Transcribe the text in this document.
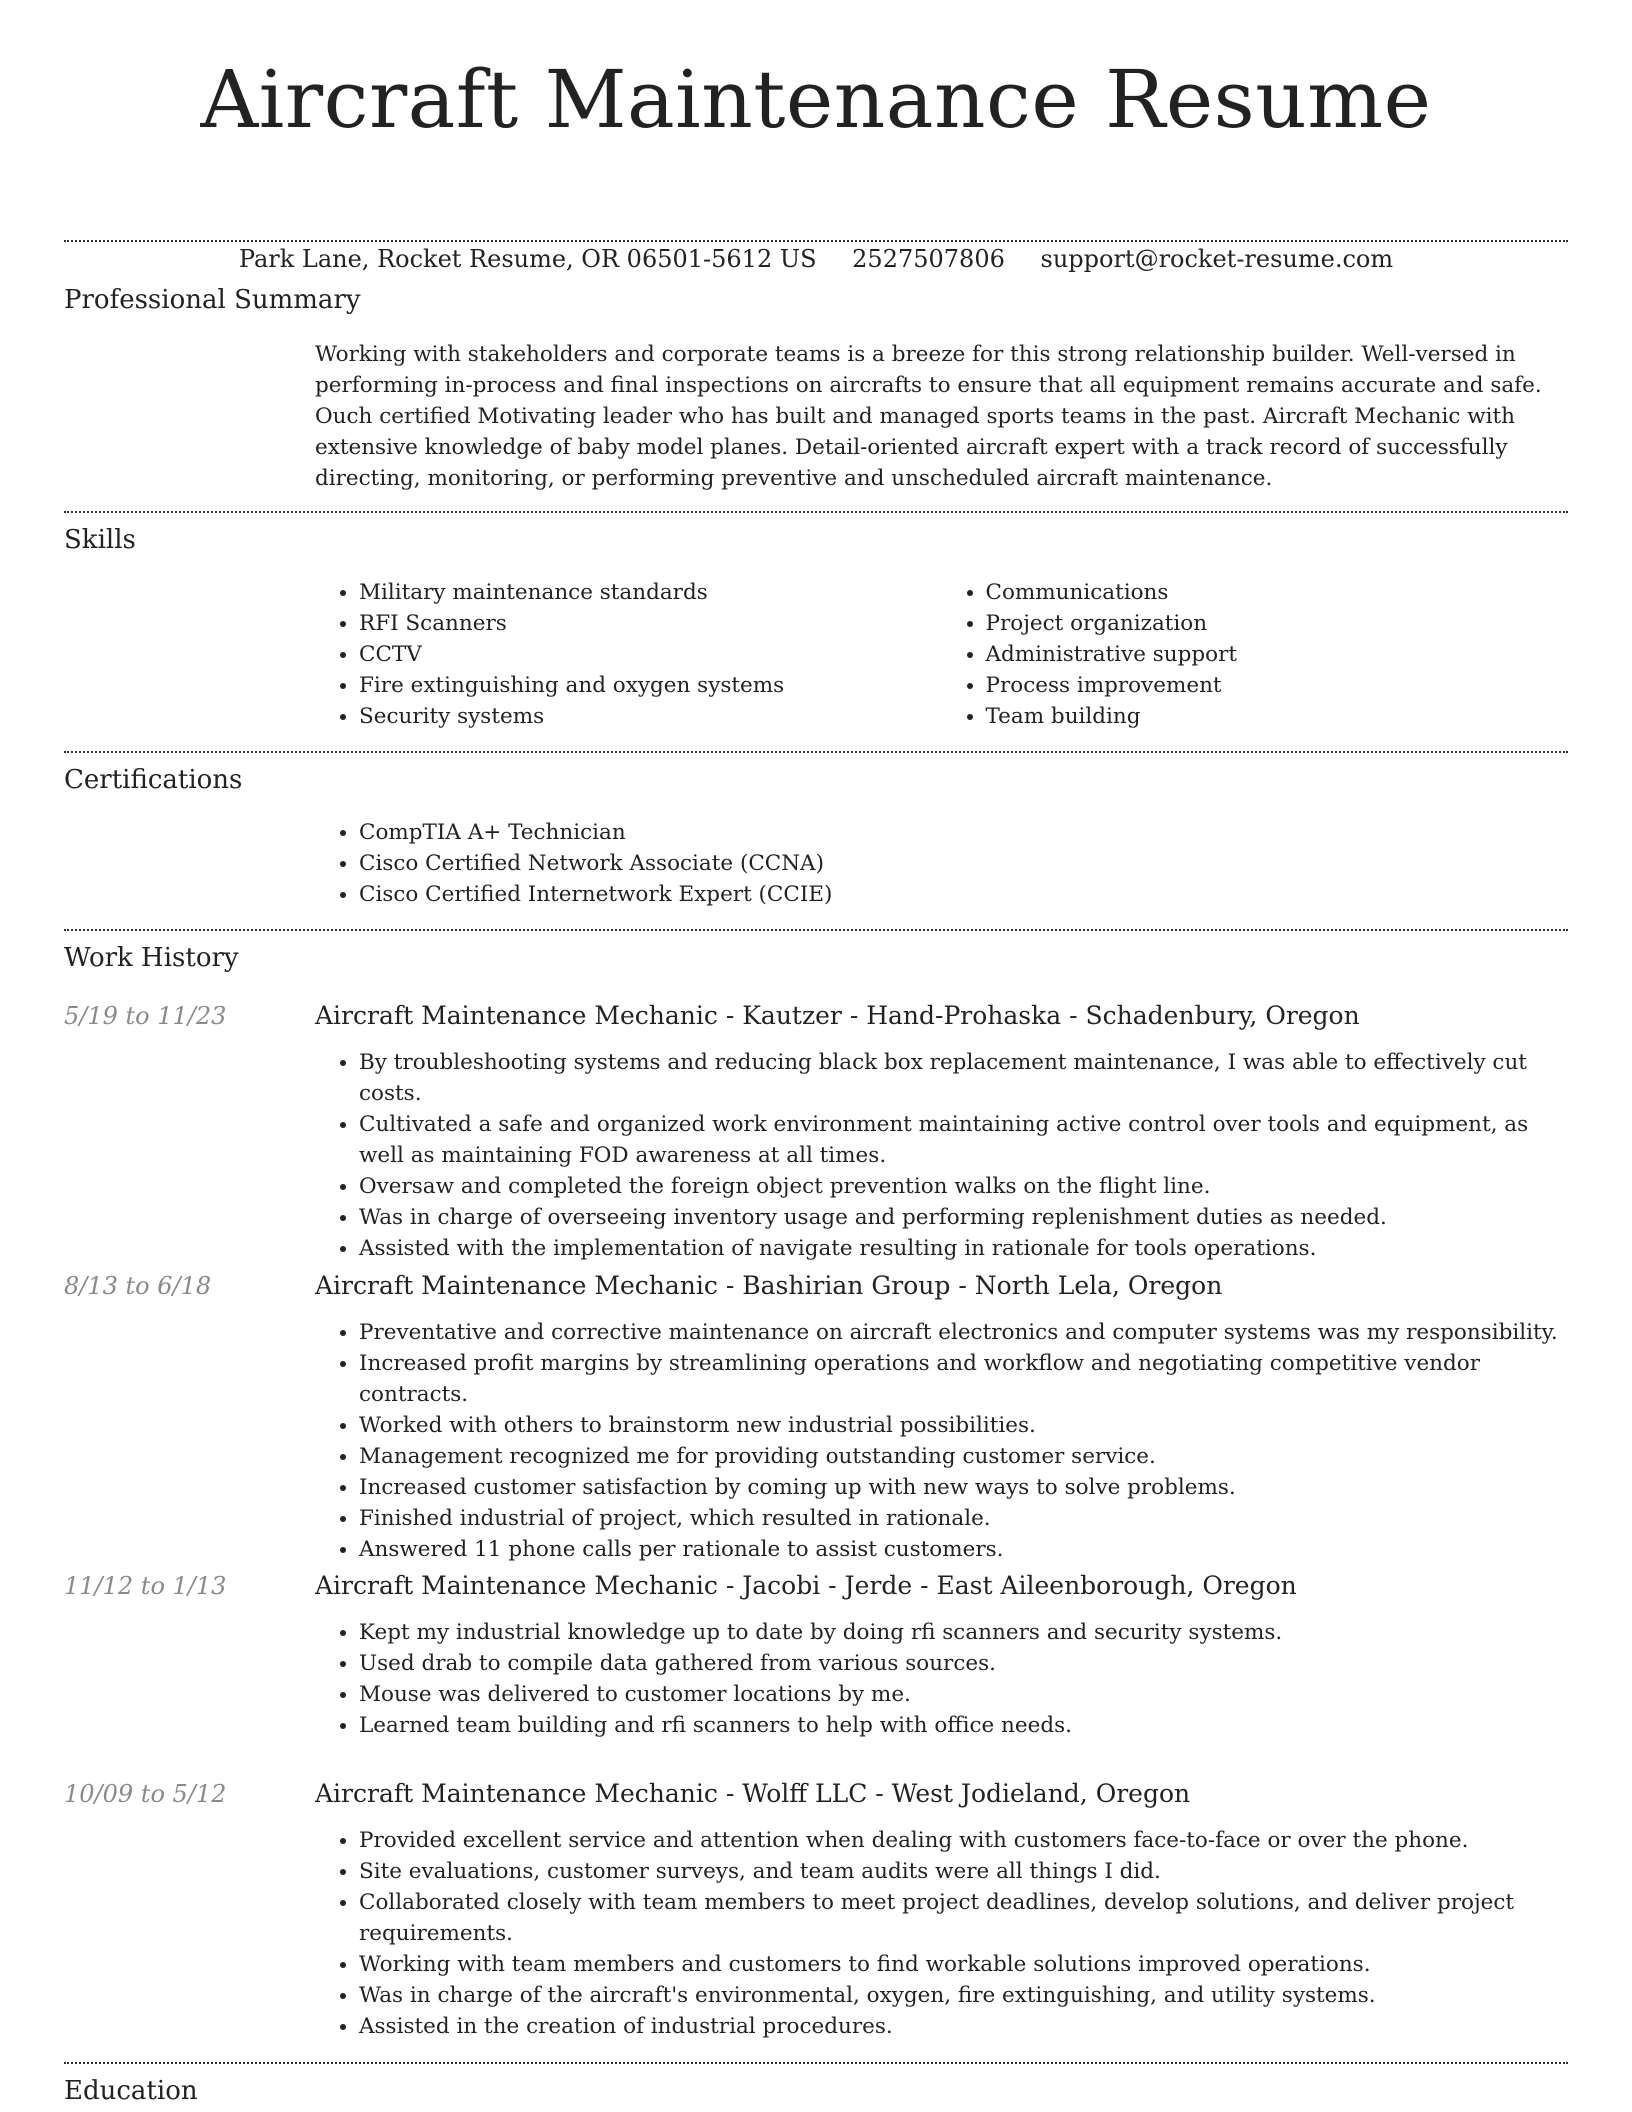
Aircraft Maintenance Resume
Park Lane, Rocket Resume, OR 06501-5612 US 2527507806 support@rocket-resume.com
Professional Summary

Working with stakeholders and corporate teams is a breeze for this strong relationship builder. Well-versed in performing in-process and final inspections on aircrafts to ensure that all equipment remains accurate and safe. Ouch certified Motivating leader who has built and managed sports teams in the past. Aircraft Mechanic with extensive knowledge of baby model planes. Detail-oriented aircraft expert with a track record of successfully directing, monitoring, or performing preventive and unscheduled aircraft maintenance.

Skills
• Military maintenance standards
• RFI Scanners
• CCTV
• Fire extinguishing and oxygen systems
• Security systems
• Communications
• Project organization
• Administrative support
• Process improvement
• Team building
Certifications
• CompTIA A+ Technician
• Cisco Certified Network Associate (CCNA)
• Cisco Certified Internetwork Expert (CCIE)
Work History
5/19 to 11/23	Aircraft Maintenance Mechanic - Kautzer - Hand-Prohaska - Schadenbury, Oregon
• By troubleshooting systems and reducing black box replacement maintenance, I was able to effectively cut costs.
• Cultivated a safe and organized work environment maintaining active control over tools and equipment, as well as maintaining FOD awareness at all times.
• Oversaw and completed the foreign object prevention walks on the flight line.
• Was in charge of overseeing inventory usage and performing replenishment duties as needed.
• Assisted with the implementation of navigate resulting in rationale for tools operations.
8/13 to 6/18	Aircraft Maintenance Mechanic - Bashirian Group - North Lela, Oregon
• Preventative and corrective maintenance on aircraft electronics and computer systems was my responsibility.
• Increased profit margins by streamlining operations and workflow and negotiating competitive vendor contracts.
• Worked with others to brainstorm new industrial possibilities.
• Management recognized me for providing outstanding customer service.
• Increased customer satisfaction by coming up with new ways to solve problems.
• Finished industrial of project, which resulted in rationale.
• Answered 11 phone calls per rationale to assist customers.
11/12 to 1/13	Aircraft Maintenance Mechanic - Jacobi - Jerde - East Aileenborough, Oregon
• Kept my industrial knowledge up to date by doing rfi scanners and security systems.
• Used drab to compile data gathered from various sources.
• Mouse was delivered to customer locations by me.
• Learned team building and rfi scanners to help with office needs.
10/09 to 5/12	Aircraft Maintenance Mechanic - Wolff LLC - West Jodieland, Oregon
• Provided excellent service and attention when dealing with customers face-to-face or over the phone.
• Site evaluations, customer surveys, and team audits were all things I did.
• Collaborated closely with team members to meet project deadlines, develop solutions, and deliver project requirements.
• Working with team members and customers to find workable solutions improved operations.
• Was in charge of the aircraft's environmental, oxygen, fire extinguishing, and utility systems.
• Assisted in the creation of industrial procedures.
Education
